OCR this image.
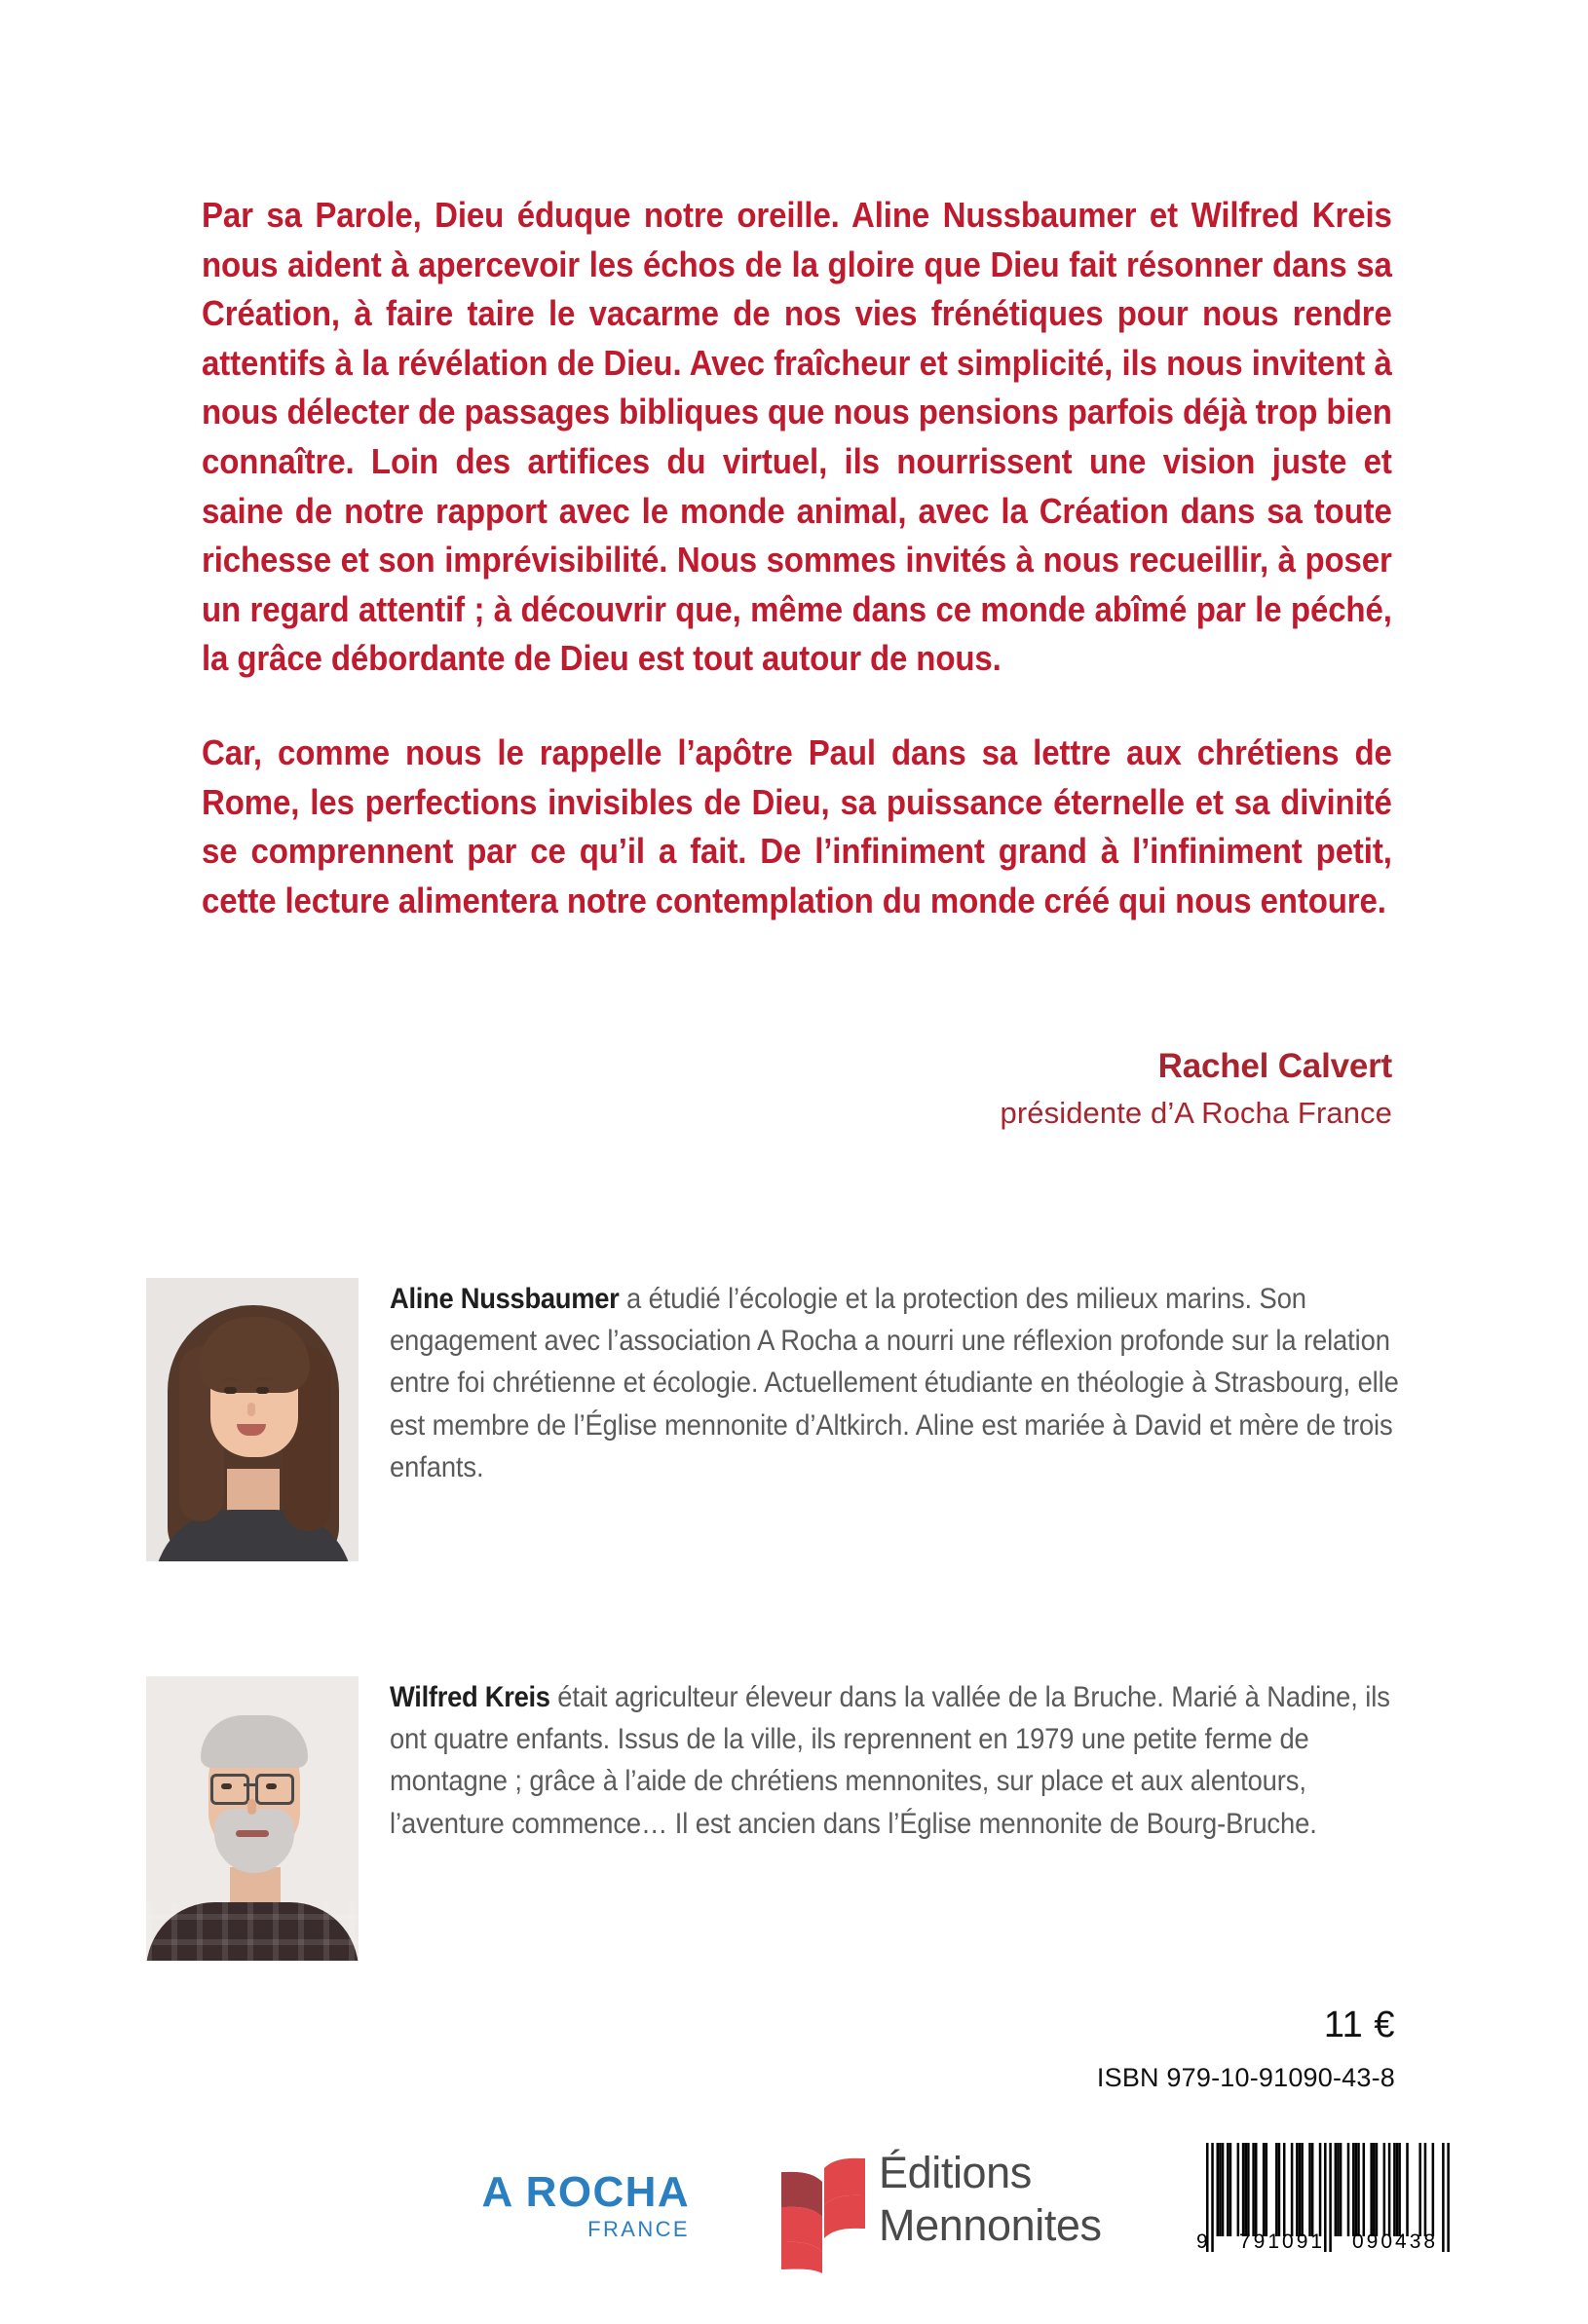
Par sa Parole, Dieu éduque notre oreille. Aline Nussbaumer et Wilfred Kreis nous aident à apercevoir les échos de la gloire que Dieu fait résonner dans sa Création, à faire taire le vacarme de nos vies frénétiques pour nous rendre attentifs à la révélation de Dieu. Avec fraîcheur et simplicité, ils nous invitent à nous délecter de passages bibliques que nous pensions parfois déjà trop bien connaître. Loin des artifices du virtuel, ils nourrissent une vision juste et saine de notre rapport avec le monde animal, avec la Création dans sa toute richesse et son imprévisibilité. Nous sommes invités à nous recueillir, à poser un regard attentif ; à découvrir que, même dans ce monde abîmé par le péché, la grâce débordante de Dieu est tout autour de nous.

Car, comme nous le rappelle l’apôtre Paul dans sa lettre aux chrétiens de Rome, les perfections invisibles de Dieu, sa puissance éternelle et sa divinité se comprennent par ce qu’il a fait. De l’infiniment grand à l’infiniment petit, cette lecture alimentera notre contemplation du monde créé qui nous entoure.

Rachel Calvert
présidente d’A Rocha France
Aline Nussbaumer a étudié l’écologie et la protection des milieux marins. Son engagement avec l’association A Rocha a nourri une réflexion profonde sur la relation entre foi chrétienne et écologie. Actuellement étudiante en théologie à Strasbourg, elle est membre de l’Église mennonite d’Altkirch. Aline est mariée à David et mère de trois enfants.
Wilfred Kreis était agriculteur éleveur dans la vallée de la Bruche. Marié à Nadine, ils ont quatre enfants. Issus de la ville, ils reprennent en 1979 une petite ferme de montagne ; grâce à l’aide de chrétiens mennonites, sur place et aux alentours, l’aventure commence… Il est ancien dans l’Église mennonite de Bourg-Bruche.
11 €
ISBN 979-10-91090-43-8
A ROCHA
FRANCE
Éditions
Mennonites	9 791091 090438
